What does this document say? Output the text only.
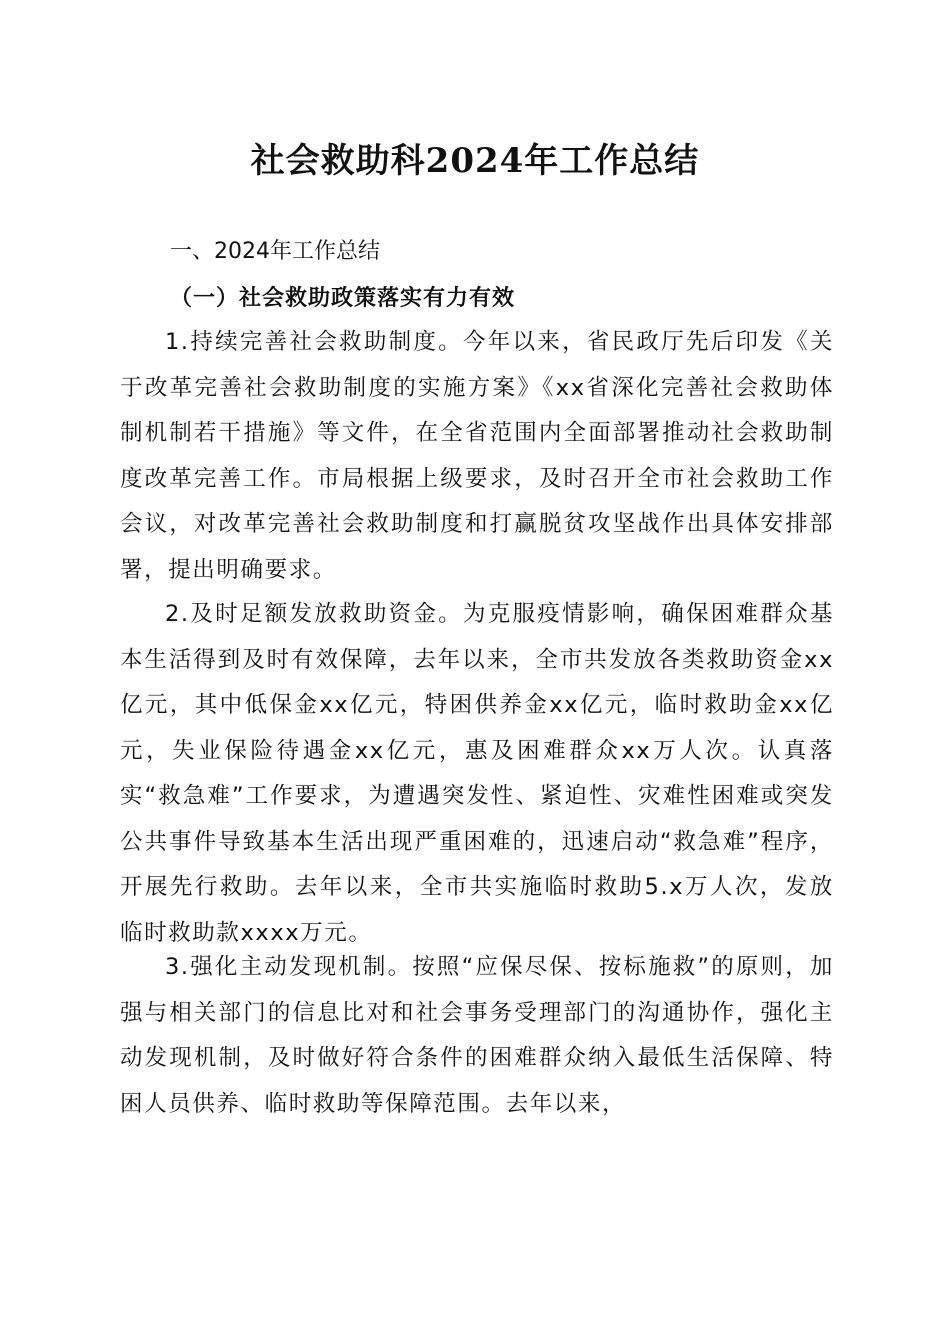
社会救助科2024年工作总结
一、2024年工作总结
（一）社会救助政策落实有力有效

1.持续完善社会救助制度。今年以来，省民政厅先后印发《关于改革完善社会救助制度的实施方案》《xx省深化完善社会救助体制机制若干措施》等文件，在全省范围内全面部署推动社会救助制度改革完善工作。市局根据上级要求，及时召开全市社会救助工作会议，对改革完善社会救助制度和打赢脱贫攻坚战作出具体安排部署，提出明确要求。

2.及时足额发放救助资金。为克服疫情影响，确保困难群众基本生活得到及时有效保障，去年以来，全市共发放各类救助资金xx亿元，其中低保金xx亿元，特困供养金xx亿元，临时救助金xx亿元，失业保险待遇金xx亿元，惠及困难群众xx万人次。认真落实“救急难”工作要求，为遭遇突发性、紧迫性、灾难性困难或突发公共事件导致基本生活出现严重困难的，迅速启动“救急难”程序，开展先行救助。去年以来，全市共实施临时救助5.x万人次，发放临时救助款xxxx万元。

3.强化主动发现机制。按照“应保尽保、按标施救”的原则，加强与相关部门的信息比对和社会事务受理部门的沟通协作，强化主动发现机制，及时做好符合条件的困难群众纳入最低生活保障、特困人员供养、临时救助等保障范围。去年以来，
